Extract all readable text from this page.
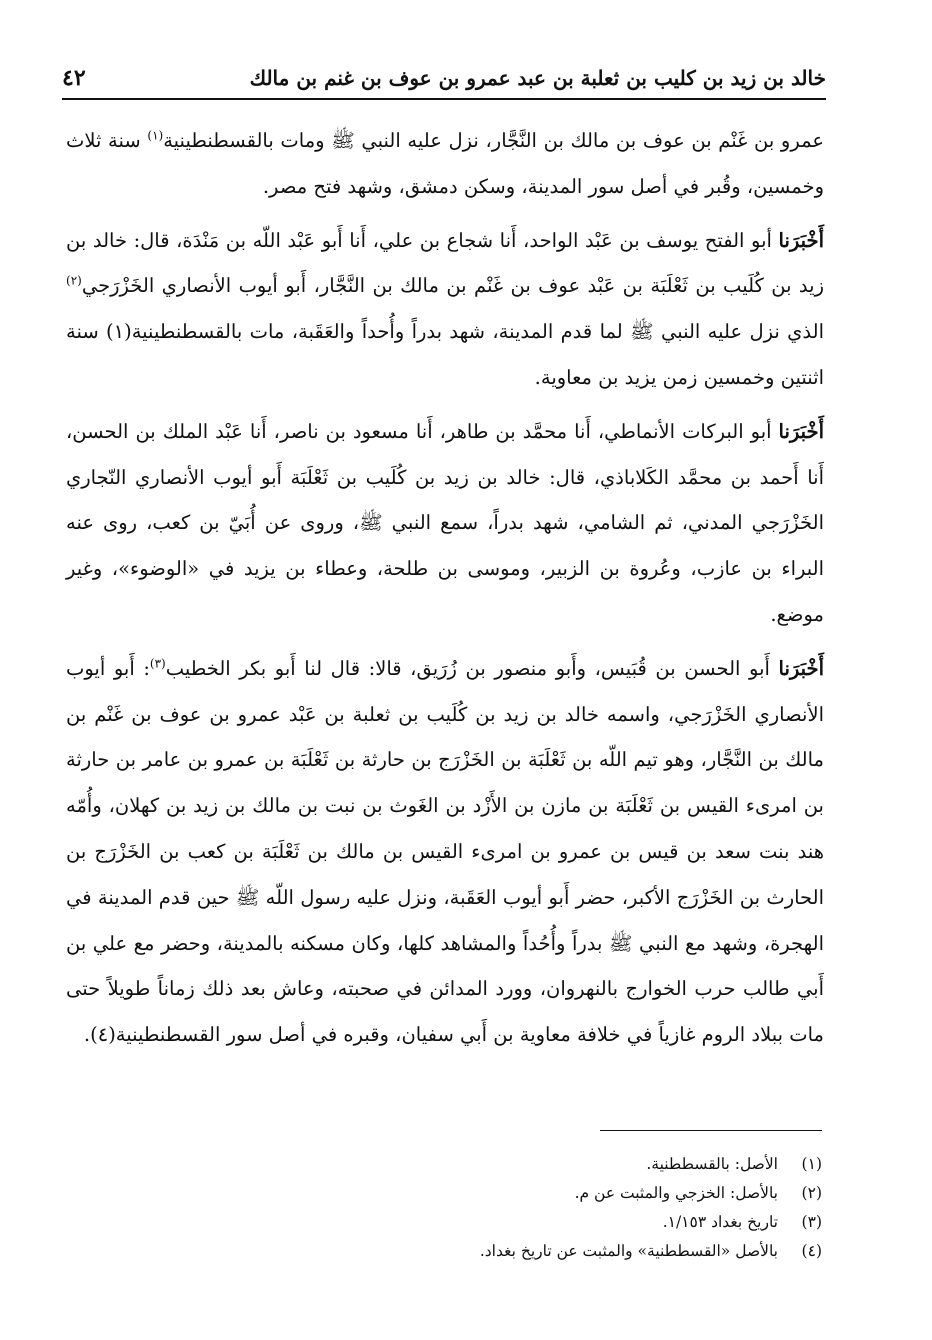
خالد بن زيد بن كليب بن ثعلبة بن عبد عمرو بن عوف بن غنم بن مالك
٤٢

عمرو بن غَنْم بن عوف بن مالك بن النَّجَّار، نزل عليه النبي ﷺ ومات بالقسطنطينية$^{(١)}$ سنة ثلاث وخمسين، وقُبر في أصل سور المدينة، وسكن دمشق، وشهد فتح مصر.

أَخْبَرَنا أبو الفتح يوسف بن عَبْد الواحد، أَنا شجاع بن علي، أَنا أَبو عَبْد اللّه بن مَنْدَة، قال: خالد بن زيد بن كُلَيب بن ثَعْلَبَة بن عَبْد عوف بن غَنْم بن مالك بن النَّجَّار، أَبو أيوب الأنصاري الخَزْرَجي$^{(٢)}$ الذي نزل عليه النبي ﷺ لما قدم المدينة، شهد بدراً وأُحداً والعَقَبة، مات بالقسطنطينية(١) سنة اثنتين وخمسين زمن يزيد بن معاوية.

أَخْبَرَنا أبو البركات الأنماطي، أَنا محمَّد بن طاهر، أَنا مسعود بن ناصر، أَنا عَبْد الملك بن الحسن، أَنا أَحمد بن محمَّد الكَلاباذي، قال: خالد بن زيد بن كُلَيب بن ثَعْلَبَة أَبو أيوب الأنصاري النّجاري الخَزْرَجي المدني، ثم الشامي، شهد بدراً، سمع النبي ﷺ، وروى عن أُبَيّ بن كعب، روى عنه البراء بن عازب، وعُروة بن الزبير، وموسى بن طلحة، وعطاء بن يزيد في «الوضوء»، وغير موضع.

أَخْبَرَنا أَبو الحسن بن قُبَيس، وأَبو منصور بن زُرَيق، قالا: قال لنا أَبو بكر الخطيب$^{(٣)}$: أَبو أيوب الأنصاري الخَزْرَجي، واسمه خالد بن زيد بن كُلَيب بن ثعلبة بن عَبْد عمرو بن عوف بن غَنْم بن مالك بن النَّجَّار، وهو تيم اللّه بن ثَعْلَبَة بن الخَزْرَج بن حارثة بن ثَعْلَبَة بن عمرو بن عامر بن حارثة بن امرىء القيس بن ثَعْلَبَة بن مازن بن الأَزْد بن الغَوث بن نبت بن مالك بن زيد بن كهلان، وأُمّه هند بنت سعد بن قيس بن عمرو بن امرىء القيس بن مالك بن ثَعْلَبَة بن كعب بن الخَزْرَج بن الحارث بن الخَزْرَج الأكبر، حضر أَبو أيوب العَقَبة، ونزل عليه رسول اللّه ﷺ حين قدم المدينة في الهجرة، وشهد مع النبي ﷺ بدراً وأُحُداً والمشاهد كلها، وكان مسكنه بالمدينة، وحضر مع علي بن أَبي طالب حرب الخوارج بالنهروان، وورد المدائن في صحبته، وعاش بعد ذلك زماناً طويلاً حتى مات ببلاد الروم غازياً في خلافة معاوية بن أَبي سفيان، وقبره في أصل سور القسطنطينية(٤).

(١)
الأصل: بالقسططنية.
(٢)
بالأصل: الخزجي والمثبت عن م.
(٣)
تاريخ بغداد ١/١٥٣.
(٤)
بالأصل «القسططنية» والمثبت عن تاريخ بغداد.
